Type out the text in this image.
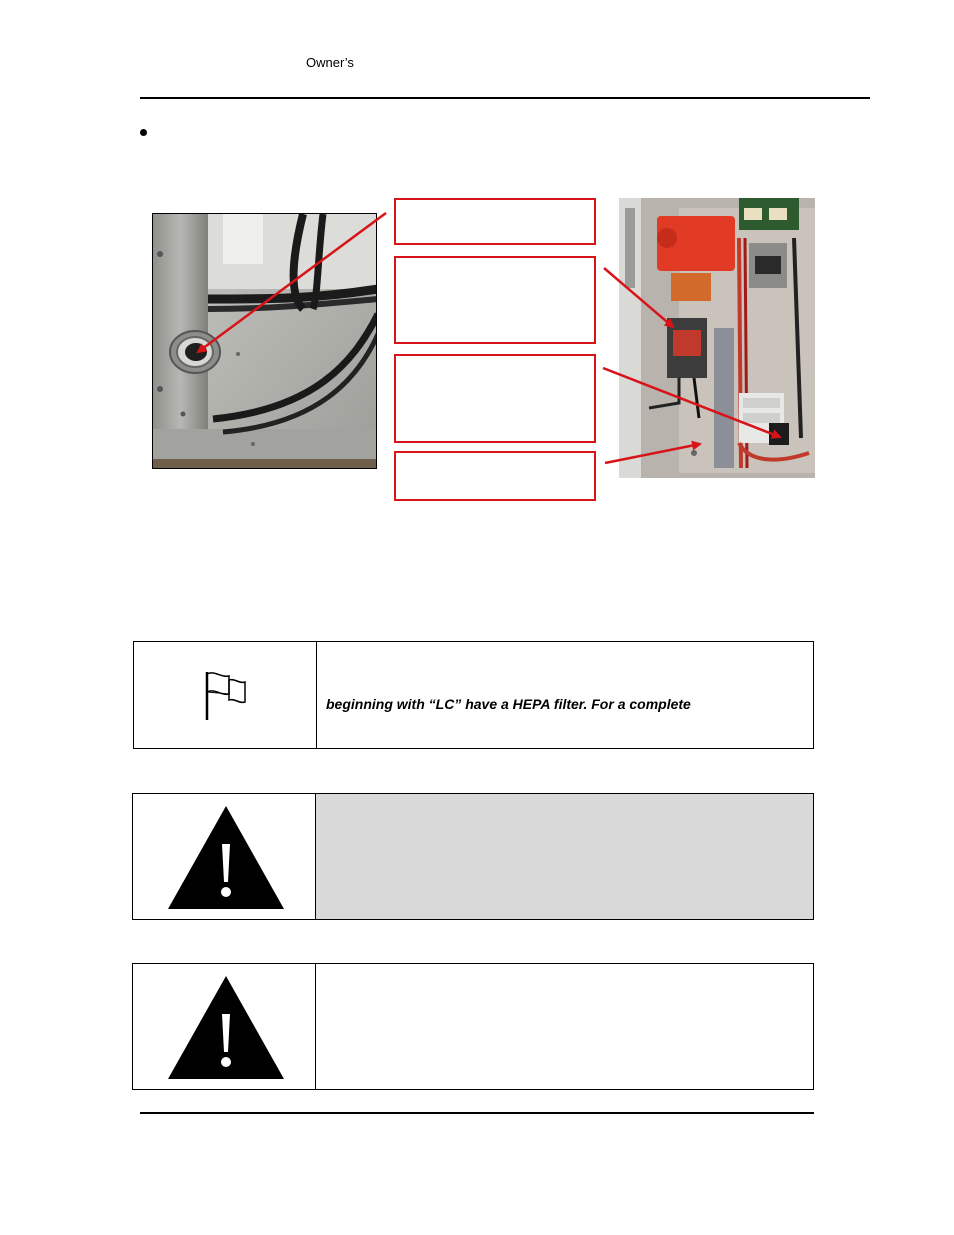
Owner’s
beginning with “LC” have a HEPA filter. For a complete
